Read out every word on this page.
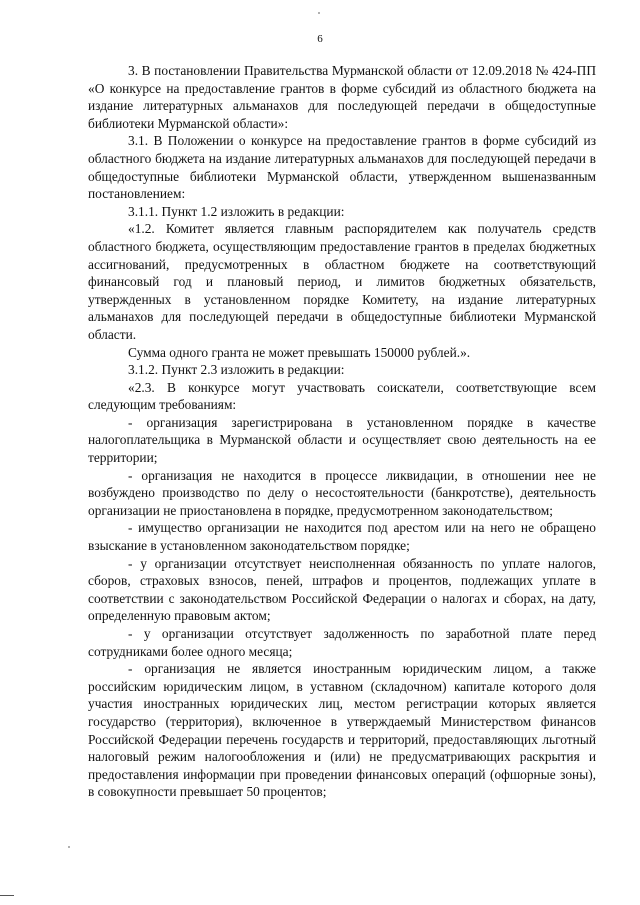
6

3. В постановлении Правительства Мурманской области от 12.09.2018 № 424-ПП «О конкурсе на предоставление грантов в форме субсидий из областного бюджета на издание литературных альманахов для последующей передачи в общедоступные библиотеки Мурманской области»:

3.1. В Положении о конкурсе на предоставление грантов в форме субсидий из областного бюджета на издание литературных альманахов для последующей передачи в общедоступные библиотеки Мурманской области, утвержденном вышеназванным постановлением:

3.1.1. Пункт 1.2 изложить в редакции:

«1.2. Комитет является главным распорядителем как получатель средств областного бюджета, осуществляющим предоставление грантов в пределах бюджетных ассигнований, предусмотренных в областном бюджете на соответствующий финансовый год и плановый период, и лимитов бюджетных обязательств, утвержденных в установленном порядке Комитету, на издание литературных альманахов для последующей передачи в общедоступные библиотеки Мурманской области.

Сумма одного гранта не может превышать 150000 рублей.».

3.1.2. Пункт 2.3 изложить в редакции:

«2.3. В конкурсе могут участвовать соискатели, соответствующие всем следующим требованиям:

- организация зарегистрирована в установленном порядке в качестве налогоплательщика в Мурманской области и осуществляет свою деятельность на ее территории;

- организация не находится в процессе ликвидации, в отношении нее не возбуждено производство по делу о несостоятельности (банкротстве), деятельность организации не приостановлена в порядке, предусмотренном законодательством;

- имущество организации не находится под арестом или на него не обращено взыскание в установленном законодательством порядке;

- у организации отсутствует неисполненная обязанность по уплате налогов, сборов, страховых взносов, пеней, штрафов и процентов, подлежащих уплате в соответствии с законодательством Российской Федерации о налогах и сборах, на дату, определенную правовым актом;

- у организации отсутствует задолженность по заработной плате перед сотрудниками более одного месяца;

- организация не является иностранным юридическим лицом, а также российским юридическим лицом, в уставном (складочном) капитале которого доля участия иностранных юридических лиц, местом регистрации которых является государство (территория), включенное в утверждаемый Министерством финансов Российской Федерации перечень государств и территорий, предоставляющих льготный налоговый режим налогообложения и (или) не предусматривающих раскрытия и предоставления информации при проведении финансовых операций (офшорные зоны), в совокупности превышает 50 процентов;
